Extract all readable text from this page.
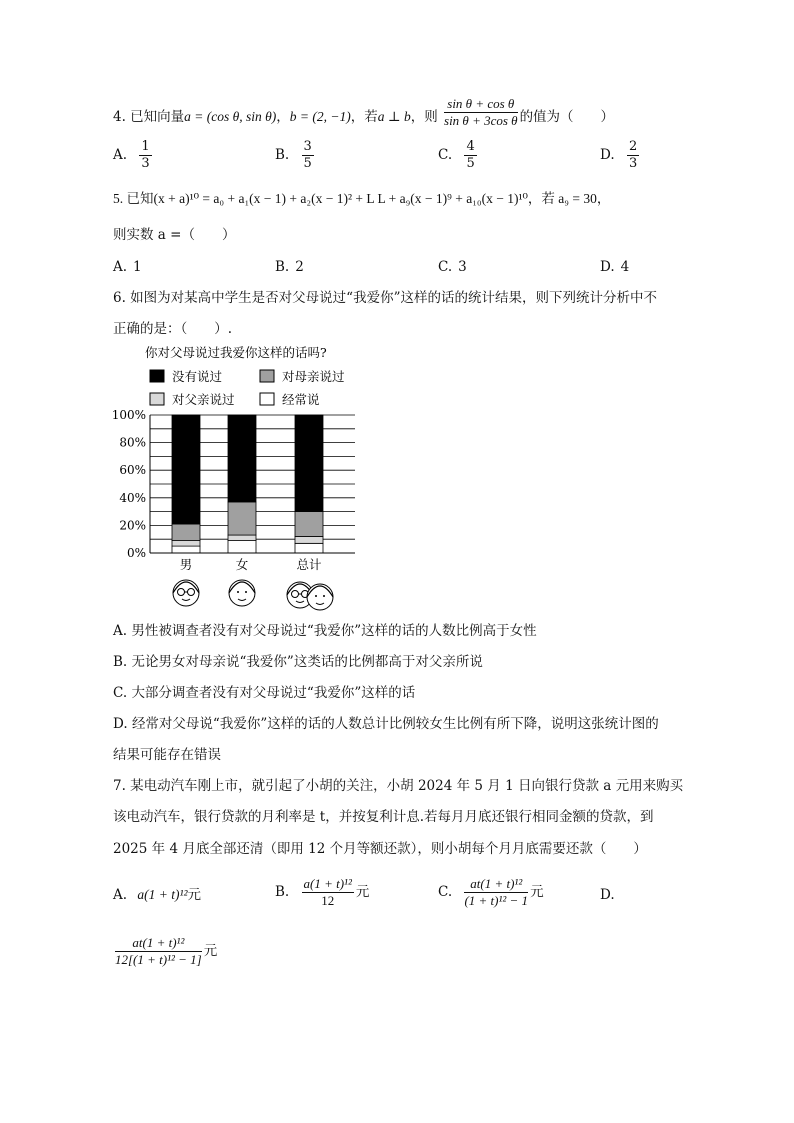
4. 已知向量a = (cos θ, sin θ)，b = (2, −1)，若a ⊥ b，则 $\frac{\text{sin θ + cos θ}}{\text{sin θ + 3cos θ}}$ 的值为（　　）
A. $\frac{1}{3}$	B. $\frac{3}{5}$	C. $\frac{4}{5}$	D. $\frac{2}{3}$
5. 已知(x + a)¹⁰ = a₀ + a₁(x − 1) + a₂(x − 1)² + L L + a₉(x − 1)⁹ + a₁₀(x − 1)¹⁰，若 a₉ = 30，
则实数 a =（　　）
A. 1	B. 2	C. 3	D. 4
6. 如图为对某高中学生是否对父母说过“我爱你”这样的话的统计结果，则下列统计分析中不
正确的是：（　　）.
你对父母说过我爱你这样的话吗?
没有说过	对母亲说过
对父亲说过	经常说
0%
20%
40%
60%
80%
100%
男	女	总计
A. 男性被调查者没有对父母说过“我爱你”这样的话的人数比例高于女性
B. 无论男女对母亲说“我爱你”这类话的比例都高于对父亲所说
C. 大部分调查者没有对父母说过“我爱你”这样的话
D. 经常对父母说“我爱你”这样的话的人数总计比例较女生比例有所下降，说明这张统计图的
结果可能存在错误
7. 某电动汽车刚上市，就引起了小胡的关注，小胡 2024 年 5 月 1 日向银行贷款 a 元用来购买
该电动汽车，银行贷款的月利率是 t，并按复利计息.若每月月底还银行相同金额的贷款，到
2025 年 4 月底全部还清（即用 12 个月等额还款），则小胡每个月月底需要还款（　　）
A. a(1 + t)¹²元	B. $\frac{\text{a(1 + t)¹²}}{12}$ 元	C. $\frac{\text{at(1 + t)¹²}}{\text{(1 + t)¹² − 1}}$ 元	D.
$\frac{\text{at(1 + t)¹²}}{\text{12[(1 + t)¹² − 1]}}$ 元
